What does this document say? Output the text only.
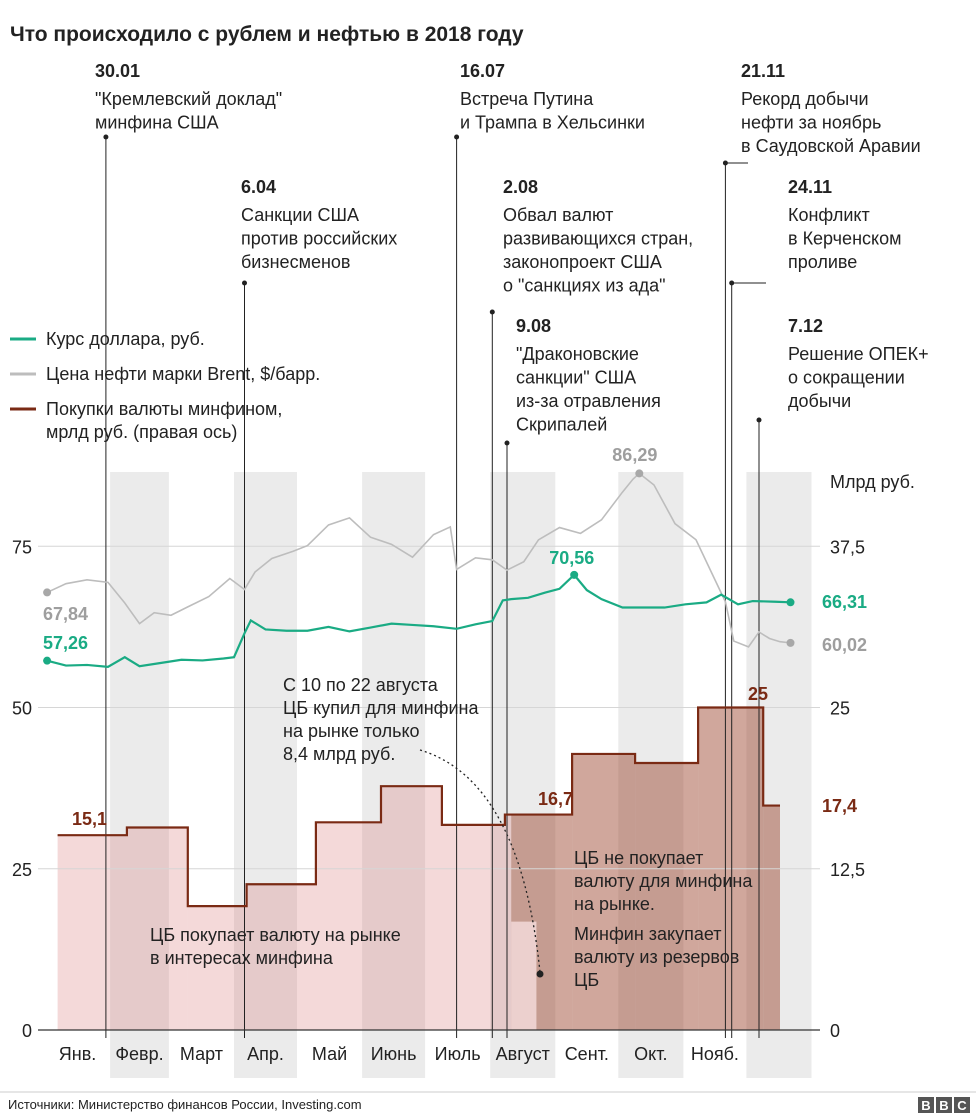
57,26
66,31
70,56
67,84
60,02
86,29
15,1
16,7
25
17,4
0
25
50
75
0
12,5
25
37,5
Млрд руб.
Янв. Февр. Март Апр. Май Июнь Июль Август Сент. Окт. Нояб.
Что происходило с рублем и нефтью в 2018 году
30.01
"Кремлевский доклад"
минфина США
6.04
Санкции США
против российских
бизнесменов
16.07
Встреча Путина
и Трампа в Хельсинки
2.08
Обвал валют
развивающихся стран,
законопроект США
о "санкциях из ада"
9.08
"Драконовские
санкции" США
из-за отравления
Скрипалей
21.11
Рекорд добычи
нефти за ноябрь
в Саудовской Аравии
24.11
Конфликт
в Керченском
проливе
7.12
Решение ОПЕК+
о сокращении
добычи
Курс доллара, руб.
Цена нефти марки Brent, $/барр.
Покупки валюты минфином,
мрлд руб. (правая ось)
ЦБ покупает валюту на рынке
в интересах минфина
С 10 по 22 августа
ЦБ купил для минфина
на рынке только
8,4 млрд руб.
ЦБ не покупает
валюту для минфина
на рынке.
Минфин закупает
валюту из резервов
ЦБ
Источники: Министерство финансов России, Investing.com	B B C
